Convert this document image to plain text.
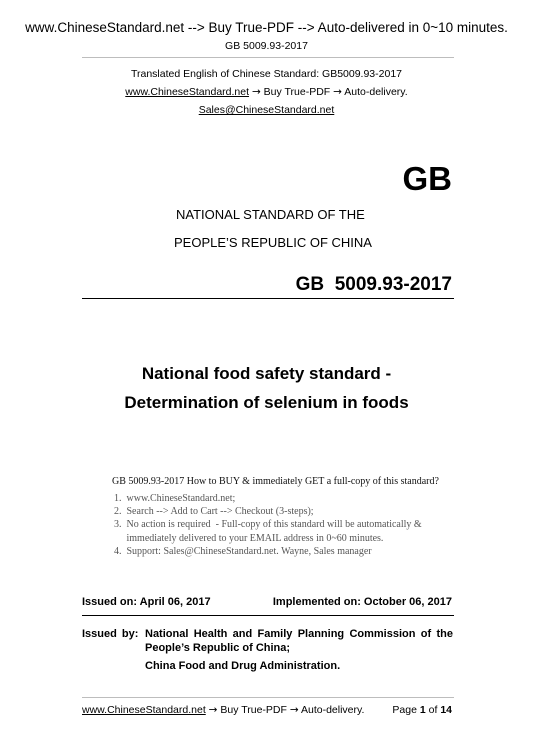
www.ChineseStandard.net --> Buy True-PDF --> Auto-delivered in 0~10 minutes.
GB 5009.93-2017
Translated English of Chinese Standard: GB5009.93-2017
www.ChineseStandard.net → Buy True-PDF → Auto-delivery.
Sales@ChineseStandard.net
GB
NATIONAL STANDARD OF THE
PEOPLE’S REPUBLIC OF CHINA
GB  5009.93-2017
National food safety standard -
Determination of selenium in foods
GB 5009.93-2017 How to BUY & immediately GET a full-copy of this standard?
1.  www.ChineseStandard.net;
2.  Search --> Add to Cart --> Checkout (3-steps);
3.  No action is required  - Full-copy of this standard will be automatically &
immediately delivered to your EMAIL address in 0~60 minutes.
4.  Support: Sales@ChineseStandard.net. Wayne, Sales manager
Issued on: April 06, 2017	Implemented on: October 06, 2017
Issued by: National Health and Family Planning Commission of the
People’s Republic of China;
China Food and Drug Administration.
www.ChineseStandard.net → Buy True-PDF → Auto-delivery.	Page 1 of 14
